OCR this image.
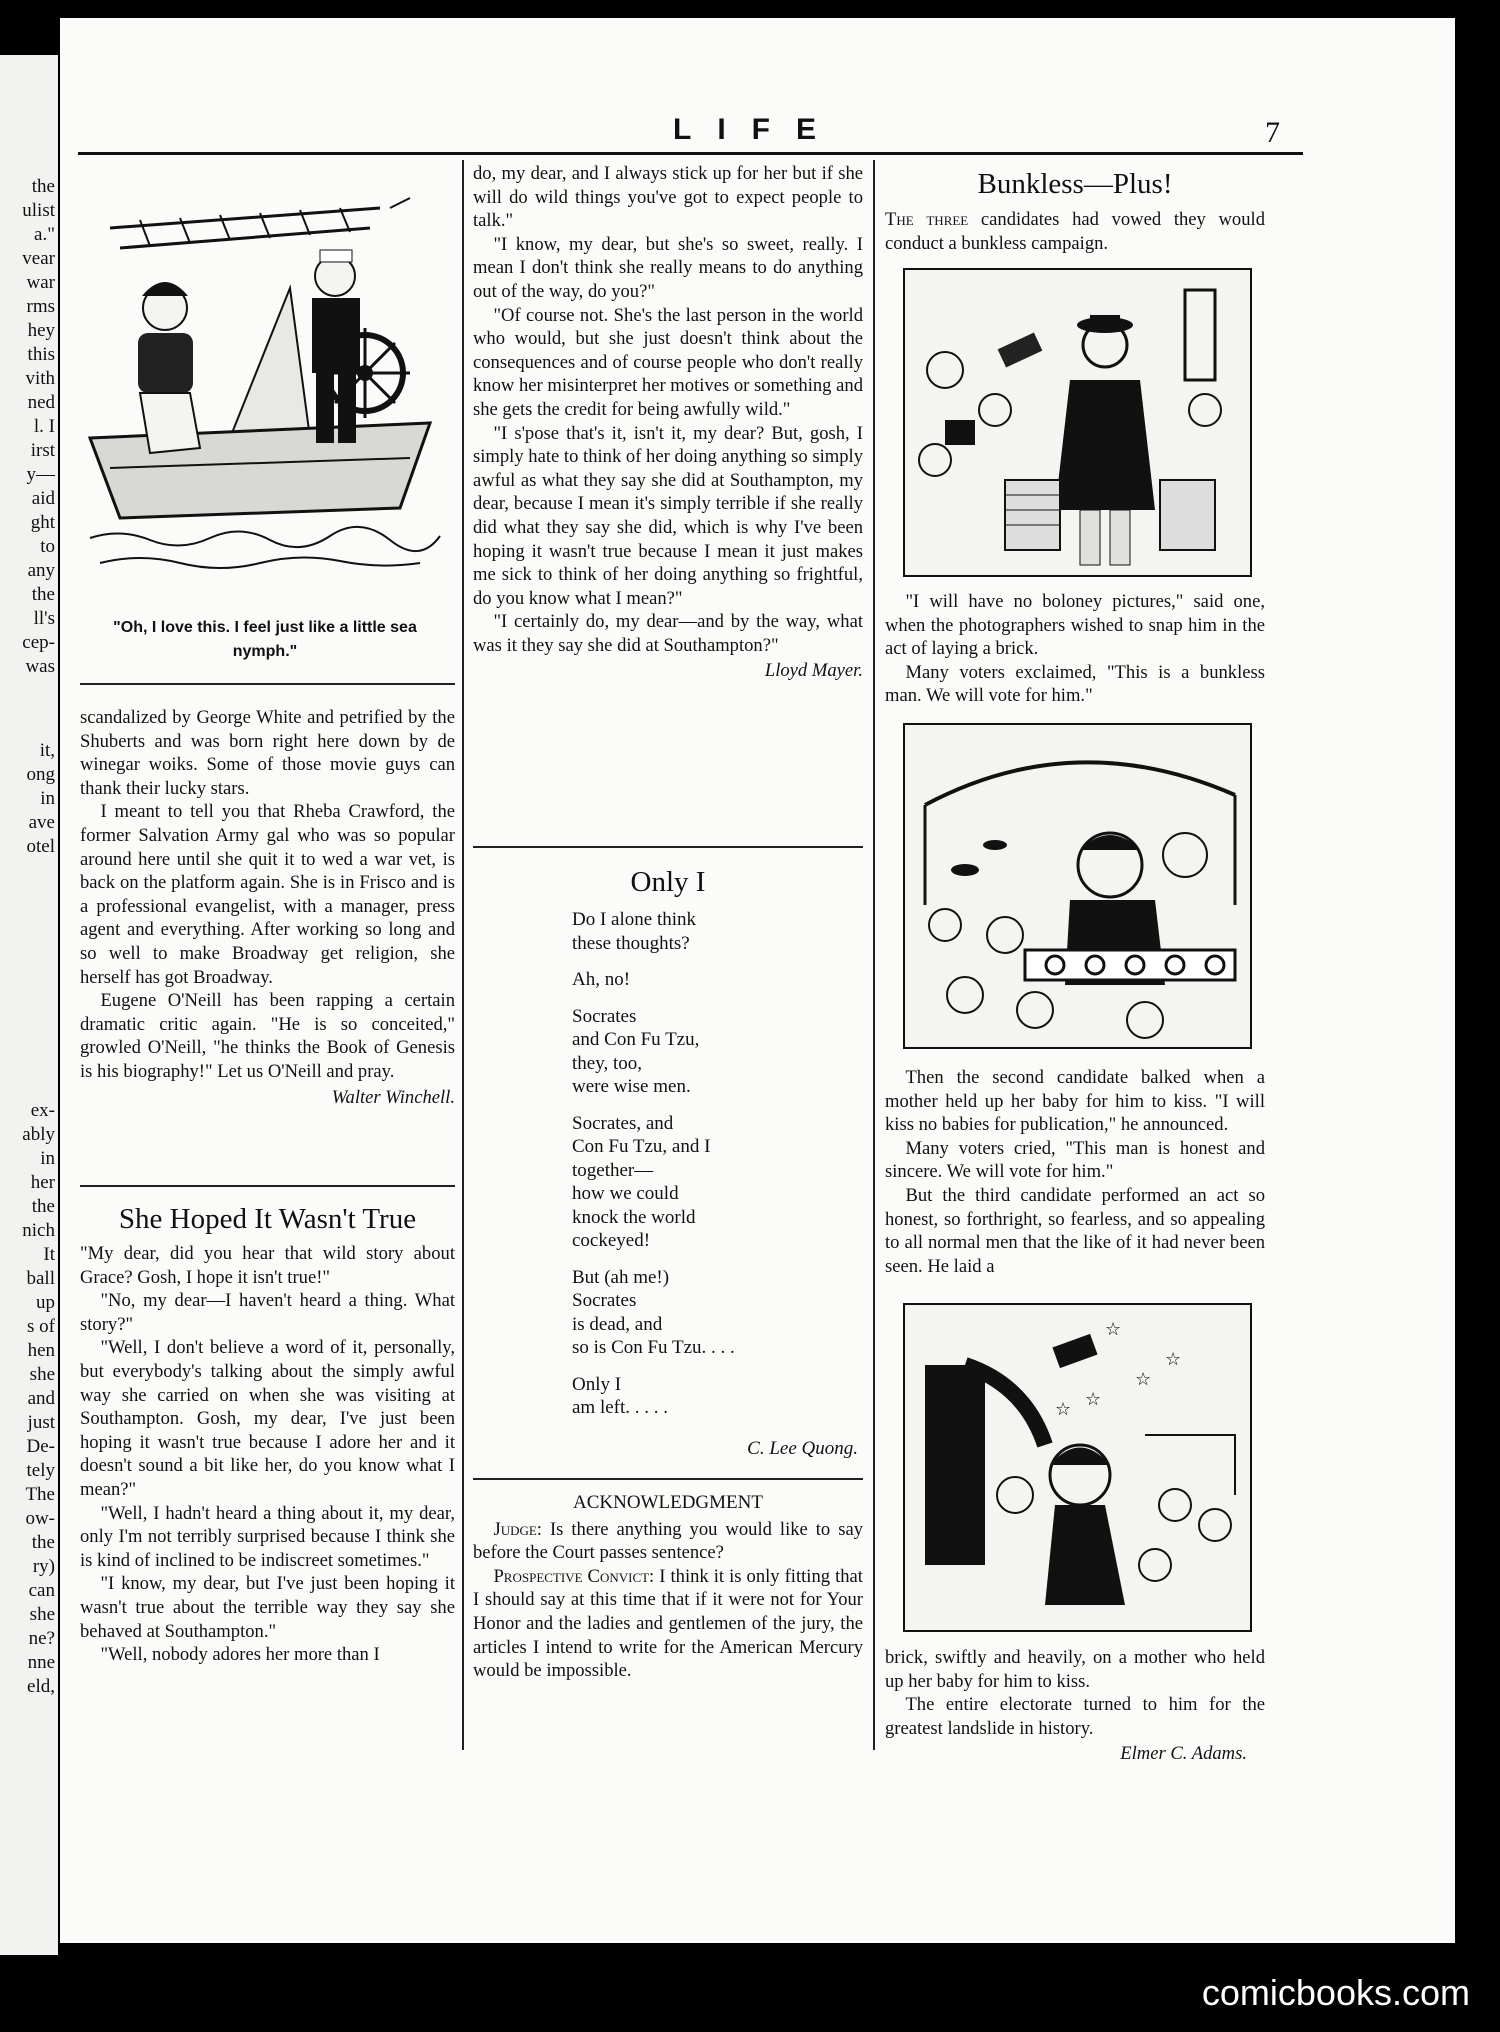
the
ulist
a."
vear
war
rms
hey
this
vith
ned
l. I
irst
y—
aid
ght
to
any
the
ll's
cep-
was
it,
ong
in
ave
otel
ex-
ably
in
her
the
nich
It
ball
up
s of
hen
she
and
just
De-
tely
The
ow-
the
ry)
can
she
ne?
nne
eld,
LIFE	7
"Oh, I love this. I feel just like a little sea nymph."

scandalized by George White and petrified by the Shuberts and was born right here down by de winegar woiks. Some of those movie guys can thank their lucky stars.

I meant to tell you that Rheba Crawford, the former Salvation Army gal who was so popular around here until she quit it to wed a war vet, is back on the platform again. She is in Frisco and is a professional evangelist, with a manager, press agent and everything. After working so long and so well to make Broadway get religion, she herself has got Broadway.

Eugene O'Neill has been rapping a certain dramatic critic again. "He is so conceited," growled O'Neill, "he thinks the Book of Genesis is his biography!" Let us O'Neill and pray.

Walter Winchell.
She Hoped It Wasn't True

"My dear, did you hear that wild story about Grace? Gosh, I hope it isn't true!"

"No, my dear—I haven't heard a thing. What story?"

"Well, I don't believe a word of it, personally, but everybody's talking about the simply awful way she carried on when she was visiting at Southampton. Gosh, my dear, I've just been hoping it wasn't true because I adore her and it doesn't sound a bit like her, do you know what I mean?"

"Well, I hadn't heard a thing about it, my dear, only I'm not terribly surprised because I think she is kind of inclined to be indiscreet sometimes."

"I know, my dear, but I've just been hoping it wasn't true about the terrible way they say she behaved at Southampton."

"Well, nobody adores her more than I

do, my dear, and I always stick up for her but if she will do wild things you've got to expect people to talk."

"I know, my dear, but she's so sweet, really. I mean I don't think she really means to do anything out of the way, do you?"

"Of course not. She's the last person in the world who would, but she just doesn't think about the consequences and of course people who don't really know her misinterpret her motives or something and she gets the credit for being awfully wild."

"I s'pose that's it, isn't it, my dear? But, gosh, I simply hate to think of her doing anything so simply awful as what they say she did at Southampton, my dear, because I mean it's simply terrible if she really did what they say she did, which is why I've been hoping it wasn't true because I mean it just makes me sick to think of her doing anything so frightful, do you know what I mean?"

"I certainly do, my dear—and by the way, what was it they say she did at Southampton?"

Lloyd Mayer.
Only I
Do I alone think
these thoughts?
Ah, no!
Socrates
and Con Fu Tzu,
they, too,
were wise men.
Socrates, and
Con Fu Tzu, and I
together—
how we could
knock the world
cockeyed!
But (ah me!)
Socrates
is dead, and
so is Con Fu Tzu. . . .
Only I
am left. . . . .
C. Lee Quong.
ACKNOWLEDGMENT

Judge: Is there anything you would like to say before the Court passes sentence?

Prospective Convict: I think it is only fitting that I should say at this time that if it were not for Your Honor and the ladies and gentlemen of the jury, the articles I intend to write for the American Mercury would be impossible.

Bunkless—Plus!

The three candidates had vowed they would conduct a bunkless campaign.

"I will have no boloney pictures," said one, when the photographers wished to snap him in the act of laying a brick.

Many voters exclaimed, "This is a bunkless man. We will vote for him."

Then the second candidate balked when a mother held up her baby for him to kiss. "I will kiss no babies for publication," he announced.

Many voters cried, "This man is honest and sincere. We will vote for him."

But the third candidate performed an act so honest, so forthright, so fearless, and so appealing to all normal men that the like of it had never been seen. He laid a

☆
☆
☆
☆
☆

brick, swiftly and heavily, on a mother who held up her baby for him to kiss.

The entire electorate turned to him for the greatest landslide in history.

Elmer C. Adams.
comicbooks.com
